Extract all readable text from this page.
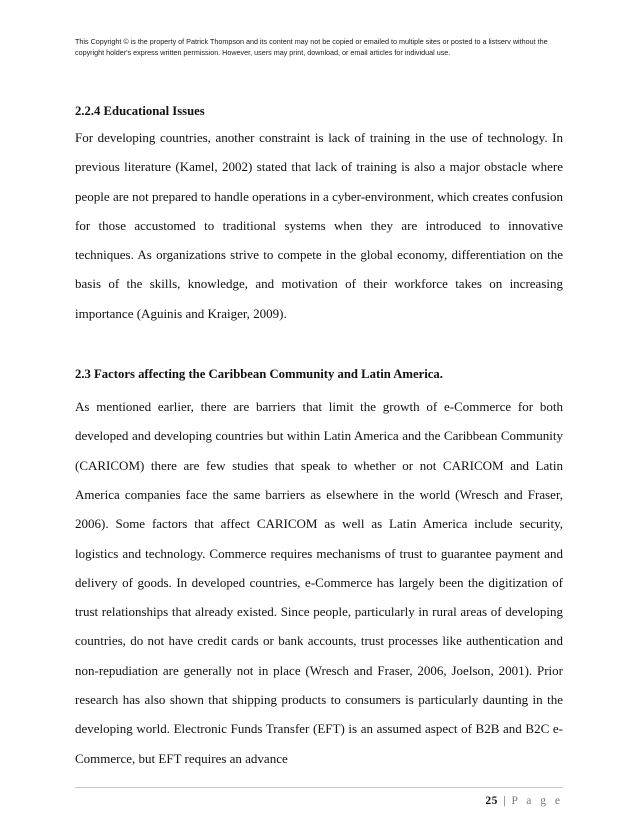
This Copyright © is the property of Patrick Thompson and its content may not be copied or emailed to multiple sites or posted to a listserv without the copyright holder's express written permission. However, users may print, download, or email articles for individual use.

2.2.4 Educational Issues

For developing countries, another constraint is lack of training in the use of technology. In previous literature (Kamel, 2002) stated that lack of training is also a major obstacle where people are not prepared to handle operations in a cyber-environment, which creates confusion for those accustomed to traditional systems when they are introduced to innovative techniques. As organizations strive to compete in the global economy, differentiation on the basis of the skills, knowledge, and motivation of their workforce takes on increasing importance (Aguinis and Kraiger, 2009).

2.3 Factors affecting the Caribbean Community and Latin America.

As mentioned earlier, there are barriers that limit the growth of e-Commerce for both developed and developing countries but within Latin America and the Caribbean Community (CARICOM) there are few studies that speak to whether or not CARICOM and Latin America companies face the same barriers as elsewhere in the world (Wresch and Fraser, 2006). Some factors that affect CARICOM as well as Latin America include security, logistics and technology. Commerce requires mechanisms of trust to guarantee payment and delivery of goods. In developed countries, e-Commerce has largely been the digitization of trust relationships that already existed. Since people, particularly in rural areas of developing countries, do not have credit cards or bank accounts, trust processes like authentication and non-repudiation are generally not in place (Wresch and Fraser, 2006, Joelson, 2001). Prior research has also shown that shipping products to consumers is particularly daunting in the developing world. Electronic Funds Transfer (EFT) is an assumed aspect of B2B and B2C e-Commerce, but EFT requires an advance

25 | P a g e
